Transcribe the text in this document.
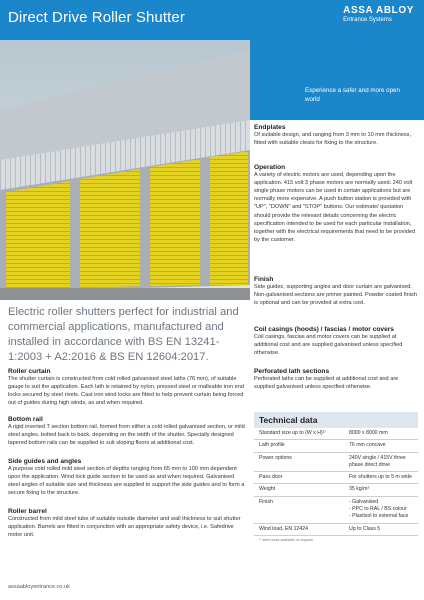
Direct Drive Roller Shutter	ASSA ABLOY
Entrance Systems
Experience a safer and more open world
Electric roller shutters perfect for industrial and commercial applications, manufactured and installed in accordance with BS EN 13241-1:2003 + A2:2016 & BS EN 12604:2017.
Roller curtain
The shutter curtain is constructed from cold rolled galvanised steel laths (76 mm), of suitable gauge to suit the application. Each lath is retained by nylon, pressed steel or malleable iron end locks secured by steel rivets. Cast iron wind locks are fitted to help prevent curtain being forced out of guides during high winds, as and when required.
Bottom rail
A rigid inverted T section bottom rail, formed from either a cold rolled galvanised section, or mild steel angles, bolted back to back, depending on the width of the shutter. Specially designed tapered bottom rails can be supplied to suit sloping floors at additional cost.
Side guides and angles
A purpose cold rolled mild steel section of depths ranging from 65 mm to 100 mm dependent upon the application. Wind lock guide section to be used as and when required. Galvanised steel angles of suitable size and thickness are supplied to support the side guides and to form a secure fixing to the structure.
Roller barrel
Constructed from mild steel tube of suitable outside diameter and wall thickness to suit shutter application. Barrels are fitted in conjunction with an appropriate safety device, i.e. Safedrive motor unit.
Endplates
Of suitable design, and ranging from 3 mm to 10 mm thickness, fitted with suitable cleats for fixing to the structure.
Operation
A variety of electric motors are used, depending upon the application. 415 volt 3 phase motors are normally used. 240 volt single phase motors can be used in certain applications but are normally more expensive. A push button station is provided with "UP", "DOWN" and "STOP" buttons. Our estimate/ quotation should provide the relevant details concerning the electric specification intended to be used for each particular installation, together with the electrical requirements that need to be provided by the customer.
Finish
Side guides, supporting angles and door curtain are galvanised. Non-galvanised sections are primer painted. Powder coated finish is optional and can be provided at extra cost.
Coil casings (hoods) / fascias / motor covers
Coil casings, fascias and motor covers can be supplied at additional cost and are supplied galvanised unless specified otherwise.
Perforated lath sections
Perforated laths can be supplied at additional cost and are supplied galvanised unless specified otherwise.
Technical data
Standard size up to (W x H)¹⁾	8000 x 8000 mm
Lath profile	76 mm concave
Power options	240V single / 415V three phase direct drive
Pass door	For shutters up to 5 m wide
Weight	35 kg/m²
Finish	- Galvanised
- PPC to RAL / BS colour
- Plastisol to external face
Wind load, EN 12424	Up to Class 5
¹⁾ other sizes available on request
assaabloyentrance.co.uk
